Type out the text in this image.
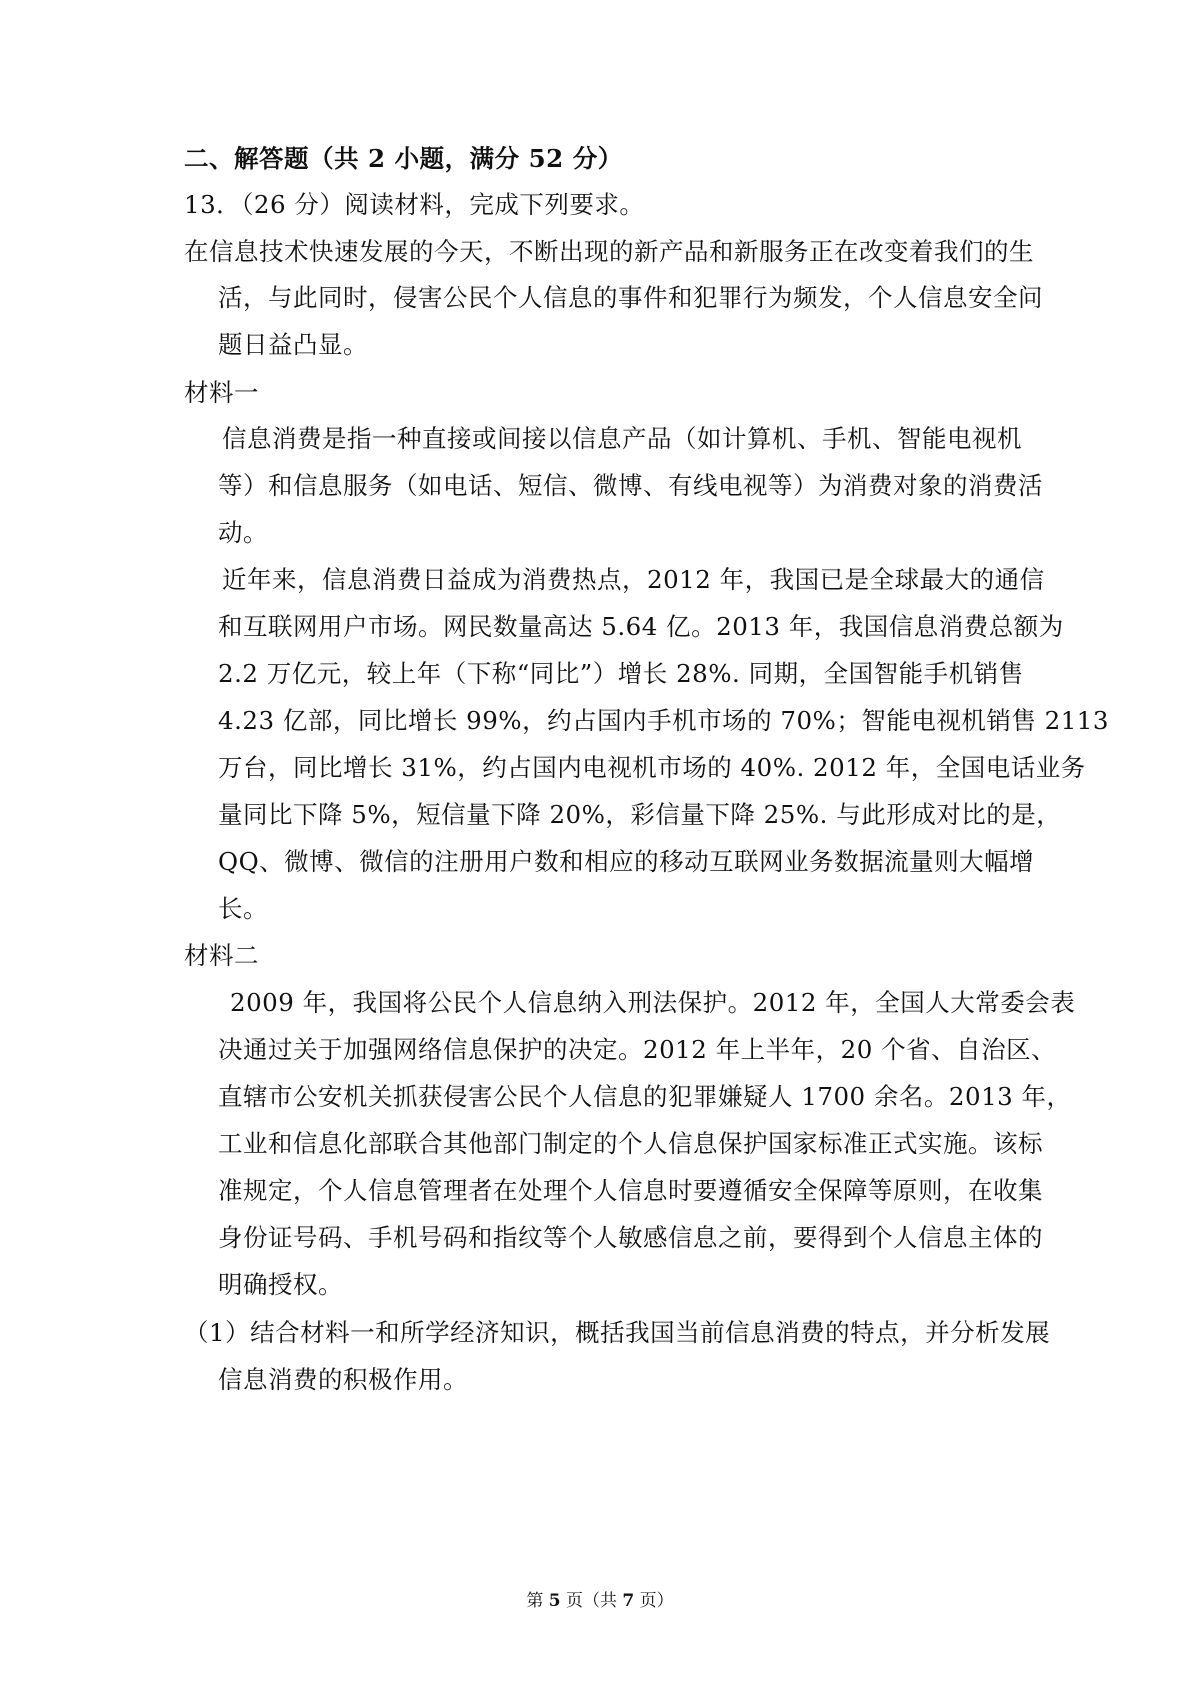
二、解答题（共 2 小题，满分 52 分）
13．（26 分）阅读材料，完成下列要求。
在信息技术快速发展的今天，不断出现的新产品和新服务正在改变着我们的生
活，与此同时，侵害公民个人信息的事件和犯罪行为频发，个人信息安全问
题日益凸显。
材料一
信息消费是指一种直接或间接以信息产品（如计算机、手机、智能电视机
等）和信息服务（如电话、短信、微博、有线电视等）为消费对象的消费活
动。
近年来，信息消费日益成为消费热点，2012 年，我国已是全球最大的通信
和互联网用户市场。网民数量高达 5.64 亿。2013 年，我国信息消费总额为
2.2 万亿元，较上年（下称“同比”）增长 28%. 同期，全国智能手机销售
4.23 亿部，同比增长 99%，约占国内手机市场的 70%；智能电视机销售 2113
万台，同比增长 31%，约占国内电视机市场的 40%. 2012 年，全国电话业务
量同比下降 5%，短信量下降 20%，彩信量下降 25%. 与此形成对比的是，
QQ、微博、微信的注册用户数和相应的移动互联网业务数据流量则大幅增
长。
材料二
2009 年，我国将公民个人信息纳入刑法保护。2012 年，全国人大常委会表
决通过关于加强网络信息保护的决定。2012 年上半年，20 个省、自治区、
直辖市公安机关抓获侵害公民个人信息的犯罪嫌疑人 1700 余名。2013 年，
工业和信息化部联合其他部门制定的个人信息保护国家标准正式实施。该标
准规定，个人信息管理者在处理个人信息时要遵循安全保障等原则，在收集
身份证号码、手机号码和指纹等个人敏感信息之前，要得到个人信息主体的
明确授权。
（1）结合材料一和所学经济知识，概括我国当前信息消费的特点，并分析发展
信息消费的积极作用。
第 5 页（共 7 页）
